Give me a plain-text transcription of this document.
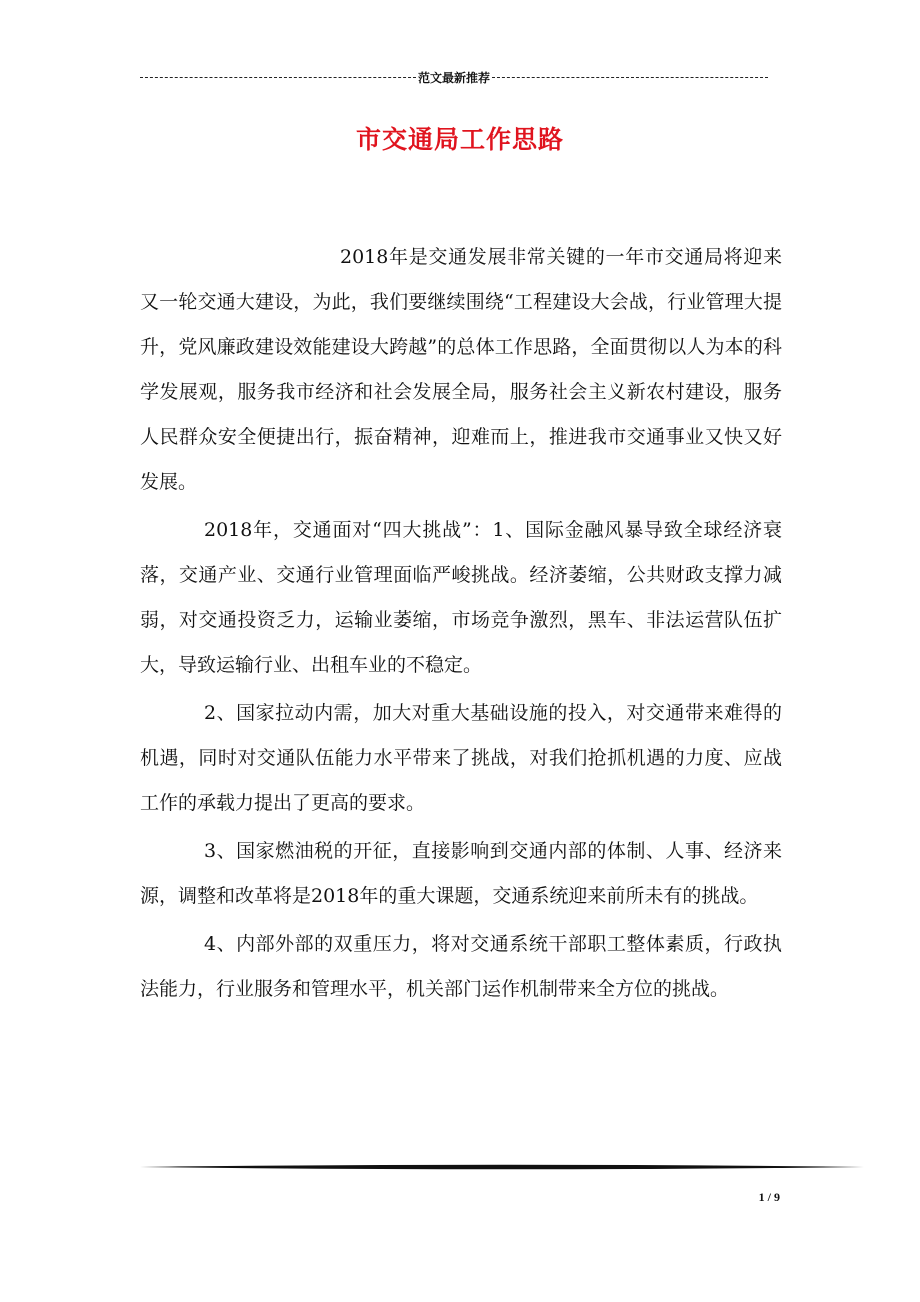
范文最新推荐
市交通局工作思路

2018年是交通发展非常关键的一年市交通局将迎来又一轮交通大建设，为此，我们要继续围绕“工程建设大会战，行业管理大提升，党风廉政建设效能建设大跨越”的总体工作思路，全面贯彻以人为本的科学发展观，服务我市经济和社会发展全局，服务社会主义新农村建设，服务人民群众安全便捷出行，振奋精神，迎难而上，推进我市交通事业又快又好发展。

2018年，交通面对“四大挑战”：1、国际金融风暴导致全球经济衰落，交通产业、交通行业管理面临严峻挑战。经济萎缩，公共财政支撑力减弱，对交通投资乏力，运输业萎缩，市场竞争激烈，黑车、非法运营队伍扩大，导致运输行业、出租车业的不稳定。

2、国家拉动内需，加大对重大基础设施的投入，对交通带来难得的机遇，同时对交通队伍能力水平带来了挑战，对我们抢抓机遇的力度、应战工作的承载力提出了更高的要求。

3、国家燃油税的开征，直接影响到交通内部的体制、人事、经济来源，调整和改革将是2018年的重大课题，交通系统迎来前所未有的挑战。

4、内部外部的双重压力，将对交通系统干部职工整体素质，行政执法能力，行业服务和管理水平，机关部门运作机制带来全方位的挑战。

1 / 9
